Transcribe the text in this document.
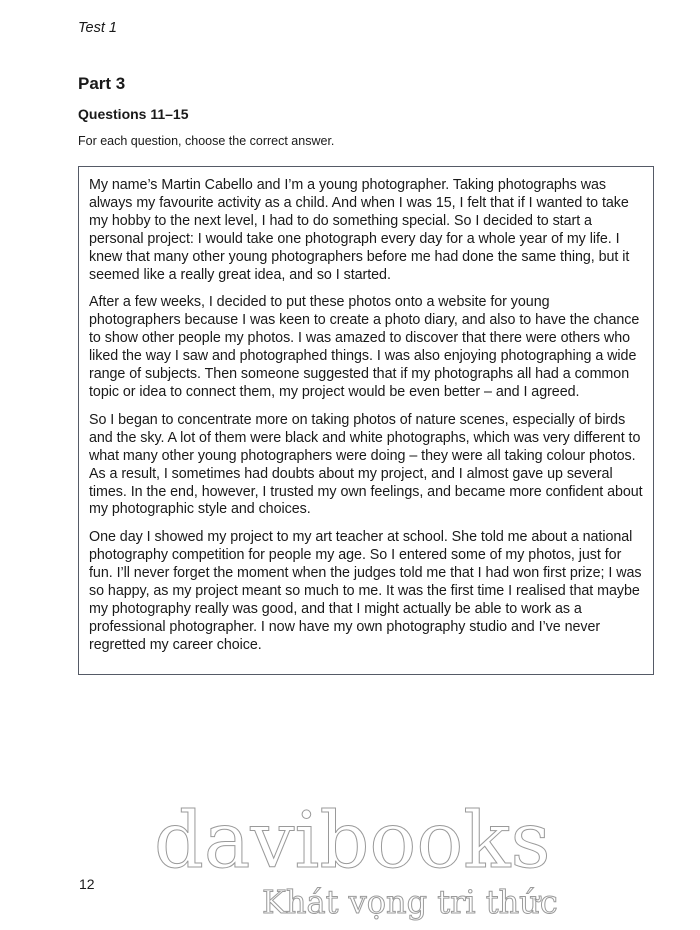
Test 1
Part 3
Questions 11–15
For each question, choose the correct answer.

My name’s Martin Cabello and I’m a young photographer. Taking photographs was always my favourite activity as a child. And when I was 15, I felt that if I wanted to take my hobby to the next level, I had to do something special. So I decided to start a personal project: I would take one photograph every day for a whole year of my life. I knew that many other young photographers before me had done the same thing, but it seemed like a really great idea, and so I started.

After a few weeks, I decided to put these photos onto a website for young photographers because I was keen to create a photo diary, and also to have the chance to show other people my photos. I was amazed to discover that there were others who liked the way I saw and photographed things. I was also enjoying photographing a wide range of subjects. Then someone suggested that if my photographs all had a common topic or idea to connect them, my project would be even better – and I agreed.

So I began to concentrate more on taking photos of nature scenes, especially of birds and the sky. A lot of them were black and white photographs, which was very different to what many other young photographers were doing – they were all taking colour photos. As a result, I sometimes had doubts about my project, and I almost gave up several times. In the end, however, I trusted my own feelings, and became more confident about my photographic style and choices.

One day I showed my project to my art teacher at school. She told me about a national photography competition for people my age. So I entered some of my photos, just for fun. I’ll never forget the moment when the judges told me that I had won first prize; I was so happy, as my project meant so much to me. It was the first time I realised that maybe my photography really was good, and that I might actually be able to work as a professional photographer. I now have my own photography studio and I’ve never regretted my career choice.

12 davibooks
Khát vọng tri thức
